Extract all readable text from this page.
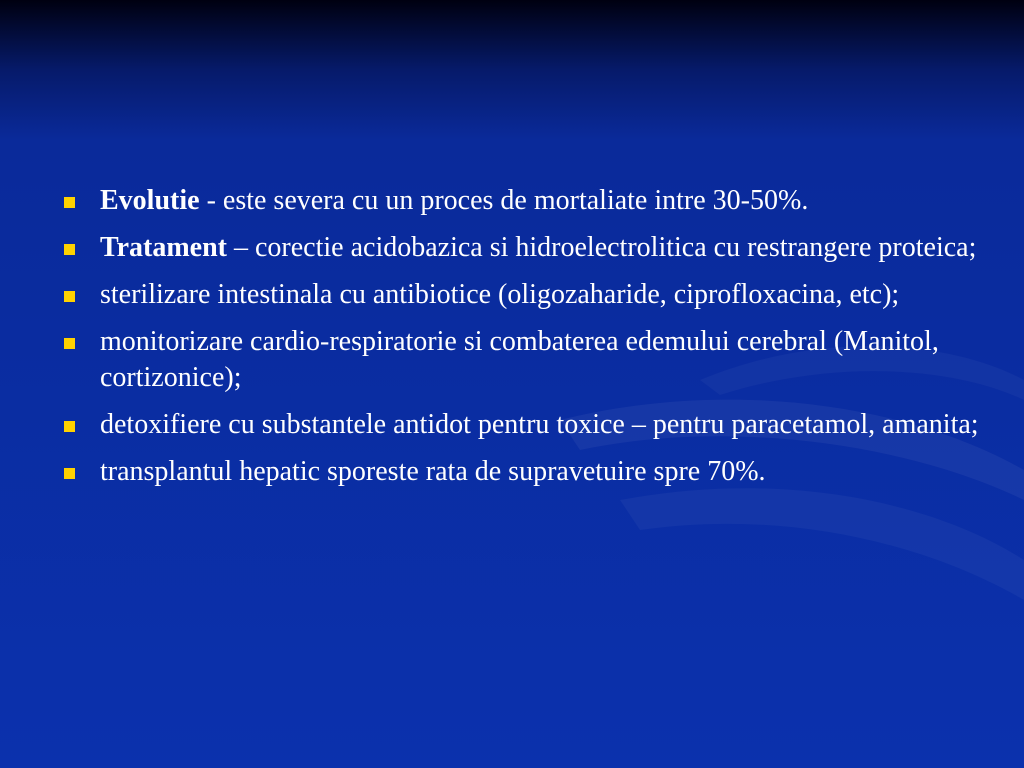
Evolutie - este severa cu un proces de mortaliate intre 30-50%.
Tratament – corectie acidobazica si hidroelectrolitica cu restrangere proteica;
sterilizare intestinala cu antibiotice (oligozaharide, ciprofloxacina, etc);
monitorizare cardio-respiratorie si combaterea edemului cerebral (Manitol, cortizonice);
detoxifiere cu substantele antidot pentru toxice – pentru paracetamol, amanita;
transplantul hepatic sporeste rata de supravetuire spre 70%.
